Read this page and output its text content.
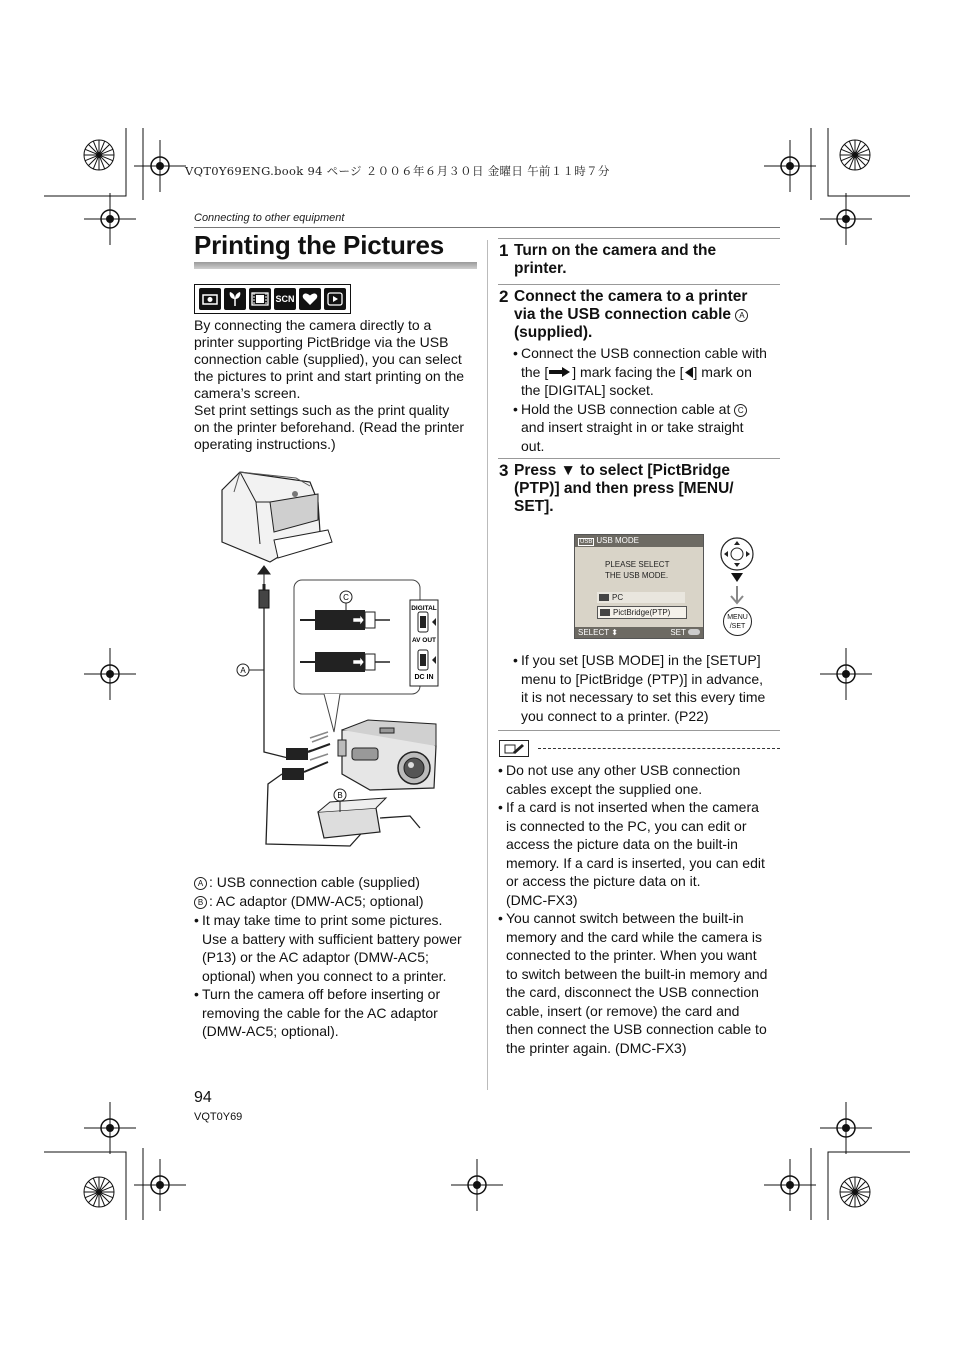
VQT0Y69ENG.book 94 ページ ２００６年６月３０日 金曜日 午前１１時７分
Connecting to other equipment
Printing the Pictures
SCN
By connecting the camera directly to a
printer supporting PictBridge via the USB
connection cable (supplied), you can select
the pictures to print and start printing on the
camera’s screen.
Set print settings such as the print quality
on the printer beforehand. (Read the printer
operating instructions.)
A
C
DIGITAL
AV OUT
DC IN
B
A : USB connection cable (supplied)
B : AC adaptor (DMW-AC5; optional)
• It may take time to print some pictures.
Use a battery with sufficient battery power
(P13) or the AC adaptor (DMW-AC5;
optional) when you connect to a printer.
• Turn the camera off before inserting or
removing the cable for the AC adaptor
(DMW-AC5; optional).
1 Turn on the camera and the
printer.
2 Connect the camera to a printer
via the USB connection cable A
(supplied).
• Connect the USB connection cable with
the [ ] mark facing the [ ] mark on
the [DIGITAL] socket.
• Hold the USB connection cable at C
and insert straight in or take straight
out.
3 Press ▼ to select [PictBridge
(PTP)] and then press [MENU/
SET].
USB USB MODE
PLEASE SELECT
THE USB MODE.
PC
PictBridge(PTP)
SELECT ⬍	SET
MENU
/SET
• If you set [USB MODE] in the [SETUP]
menu to [PictBridge (PTP)] in advance,
it is not necessary to set this every time
you connect to a printer. (P22)
• Do not use any other USB connection
cables except the supplied one.
• If a card is not inserted when the camera
is connected to the PC, you can edit or
access the picture data on the built-in
memory. If a card is inserted, you can edit
or access the picture data on it.
(DMC-FX3)
• You cannot switch between the built-in
memory and the card while the camera is
connected to the printer. When you want
to switch between the built-in memory and
the card, disconnect the USB connection
cable, insert (or remove) the card and
then connect the USB connection cable to
the printer again. (DMC-FX3)
94
VQT0Y69
